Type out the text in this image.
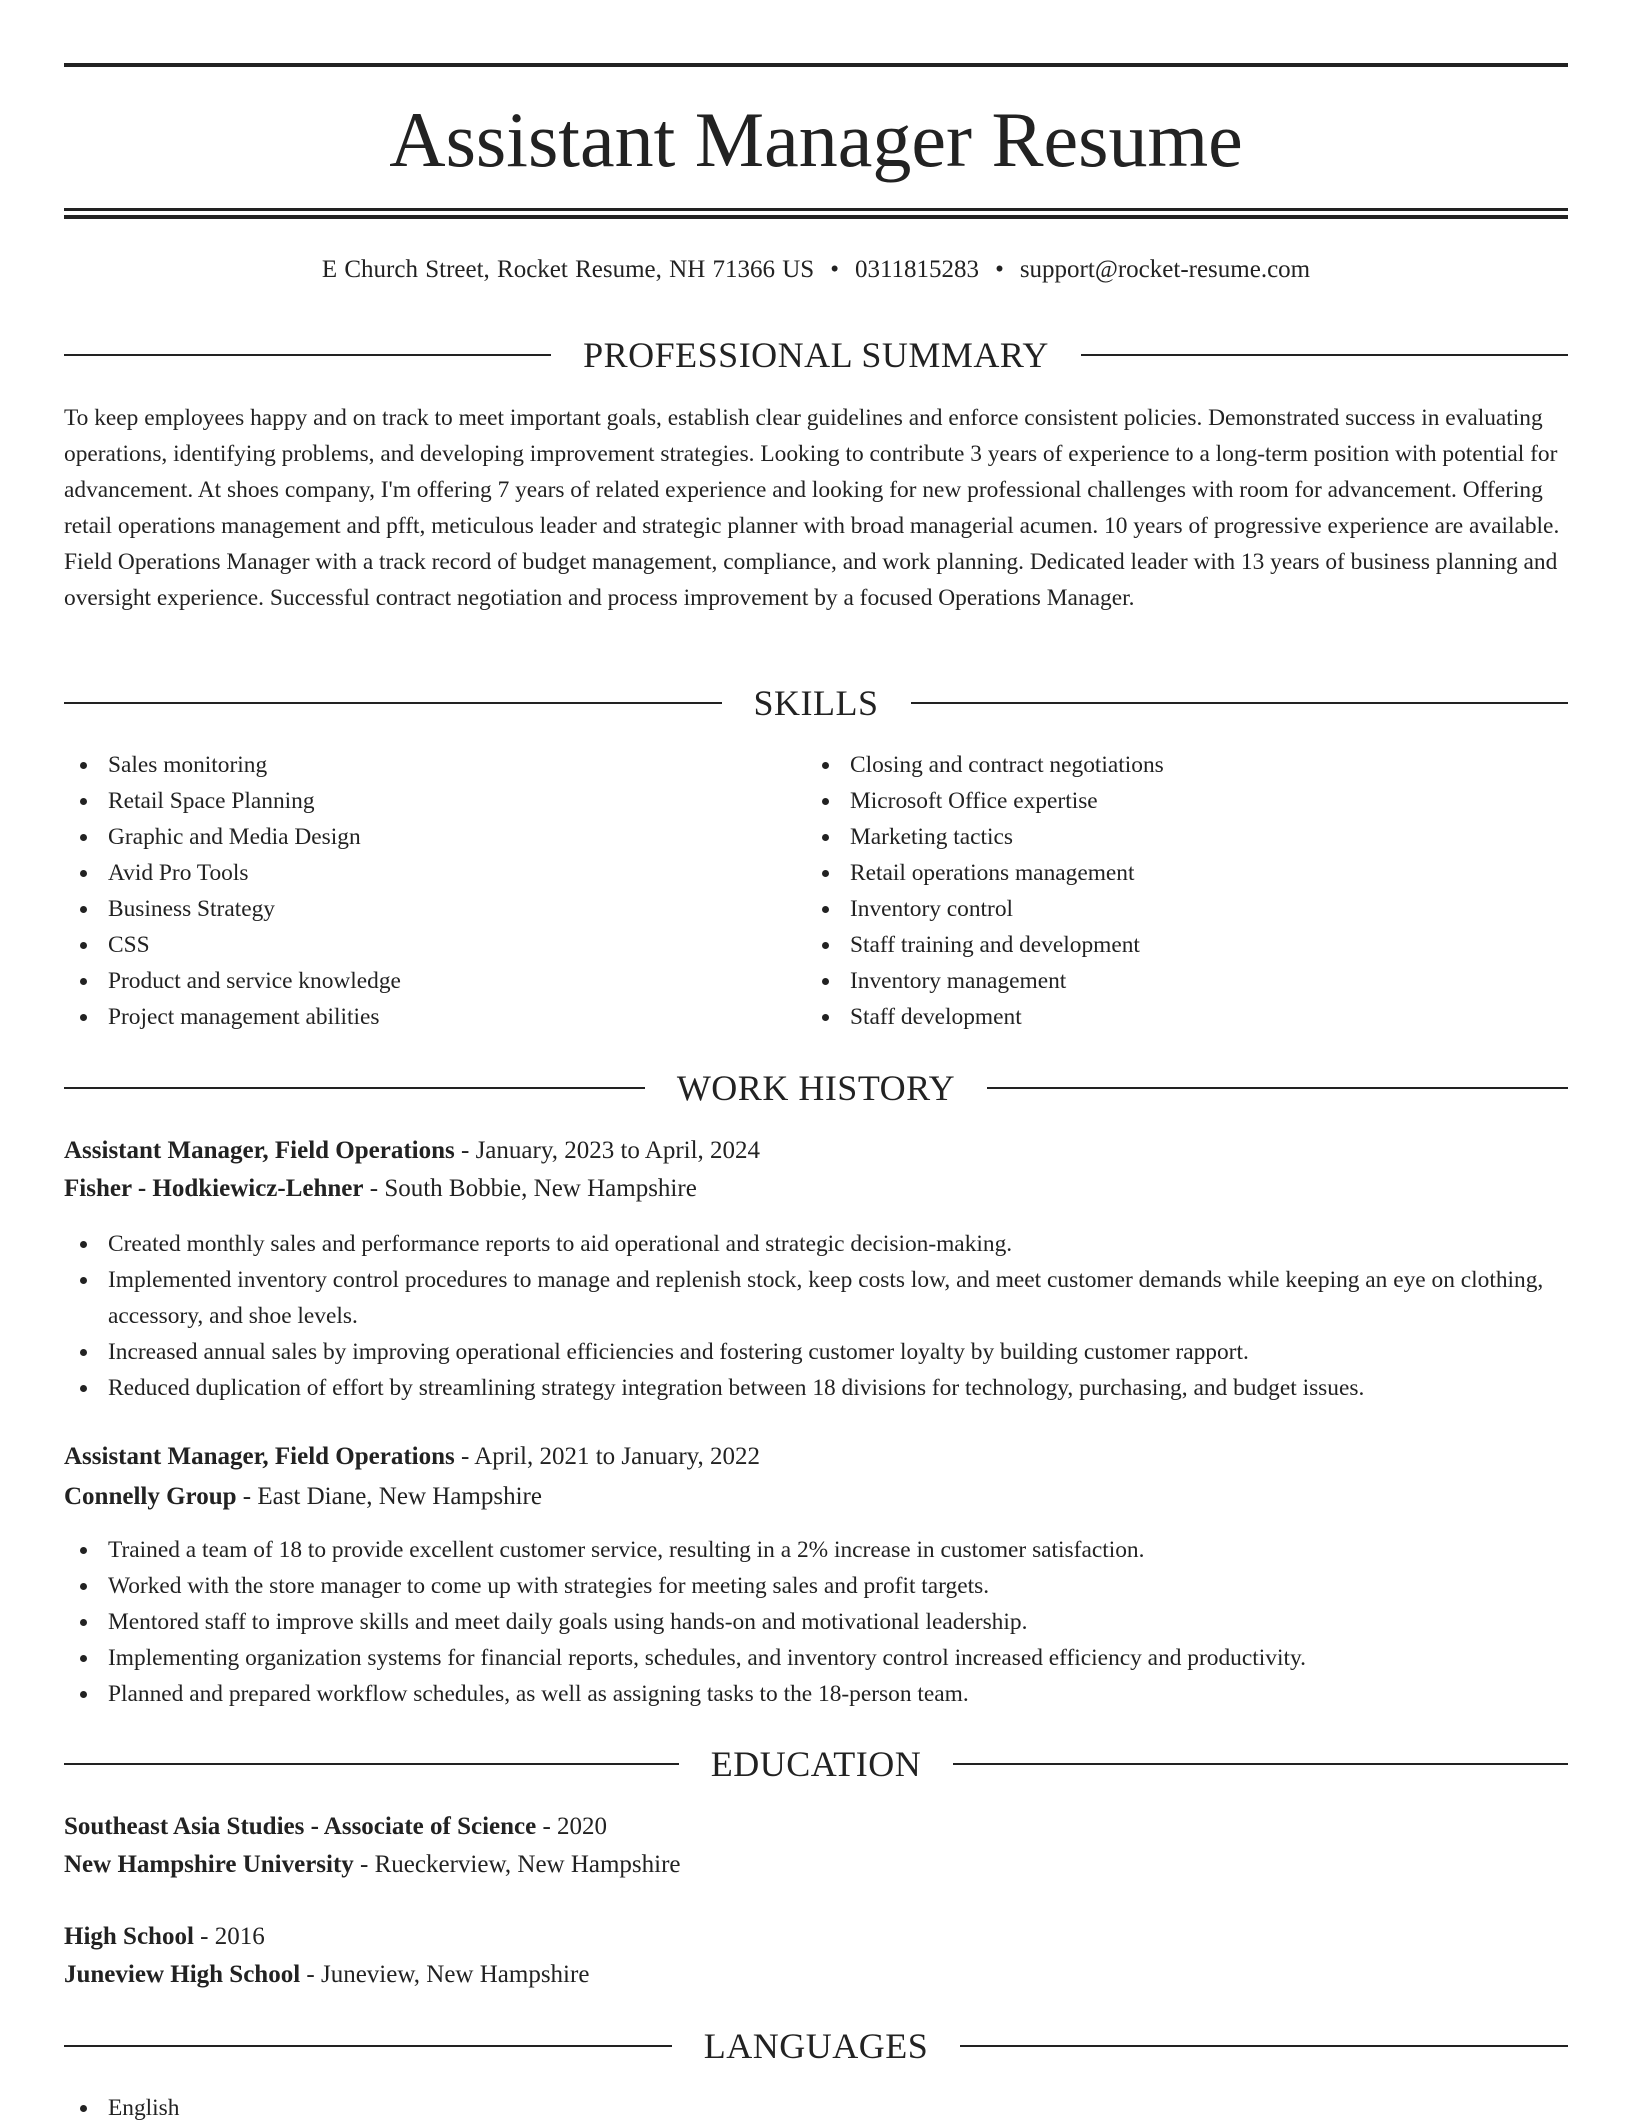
Assistant Manager Resume
E Church Street, Rocket Resume, NH 71366 US • 0311815283 • support@rocket-resume.com
PROFESSIONAL SUMMARY

To keep employees happy and on track to meet important goals, establish clear guidelines and enforce consistent policies. Demonstrated success in evaluating operations, identifying problems, and developing improvement strategies. Looking to contribute 3 years of experience to a long-term position with potential for advancement. At shoes company, I'm offering 7 years of related experience and looking for new professional challenges with room for advancement. Offering retail operations management and pfft, meticulous leader and strategic planner with broad managerial acumen. 10 years of progressive experience are available. Field Operations Manager with a track record of budget management, compliance, and work planning. Dedicated leader with 13 years of business planning and oversight experience. Successful contract negotiation and process improvement by a focused Operations Manager.

SKILLS
Sales monitoring
Retail Space Planning
Graphic and Media Design
Avid Pro Tools
Business Strategy
CSS
Product and service knowledge
Project management abilities
Closing and contract negotiations
Microsoft Office expertise
Marketing tactics
Retail operations management
Inventory control
Staff training and development
Inventory management
Staff development
WORK HISTORY
Assistant Manager, Field Operations - January, 2023 to April, 2024
Fisher - Hodkiewicz-Lehner - South Bobbie, New Hampshire
Created monthly sales and performance reports to aid operational and strategic decision-making.
Implemented inventory control procedures to manage and replenish stock, keep costs low, and meet customer demands while keeping an eye on clothing, accessory, and shoe levels.
Increased annual sales by improving operational efficiencies and fostering customer loyalty by building customer rapport.
Reduced duplication of effort by streamlining strategy integration between 18 divisions for technology, purchasing, and budget issues.
Assistant Manager, Field Operations - April, 2021 to January, 2022
Connelly Group - East Diane, New Hampshire
Trained a team of 18 to provide excellent customer service, resulting in a 2% increase in customer satisfaction.
Worked with the store manager to come up with strategies for meeting sales and profit targets.
Mentored staff to improve skills and meet daily goals using hands-on and motivational leadership.
Implementing organization systems for financial reports, schedules, and inventory control increased efficiency and productivity.
Planned and prepared workflow schedules, as well as assigning tasks to the 18-person team.
EDUCATION
Southeast Asia Studies - Associate of Science - 2020
New Hampshire University - Rueckerview, New Hampshire
High School - 2016
Juneview High School - Juneview, New Hampshire
LANGUAGES
English
